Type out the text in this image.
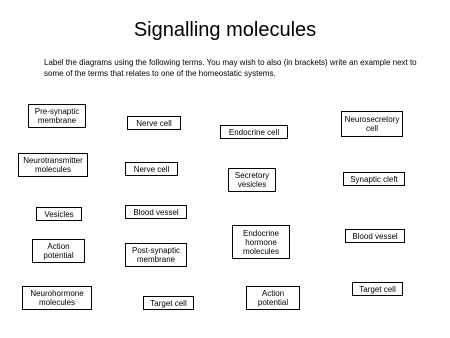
Signalling molecules
Label the diagrams using the following terms. You may wish to also (in brackets) write an example next to some of the terms that relates to one of the homeostatic systems.
Pre-synaptic
membrane	Nerve cell
Endocrine cell
Neurosecretory
cell
Neurotransmitter
molecules	Nerve cell
Secretory
vesicles
Synaptic cleft
Vesicles	Blood vessel
Endocrine
hormone
molecules
Blood vessel
Action
potential
Post-synaptic
membrane
Target cell
Neurohormone
molecules	Target cell
Action
potential
